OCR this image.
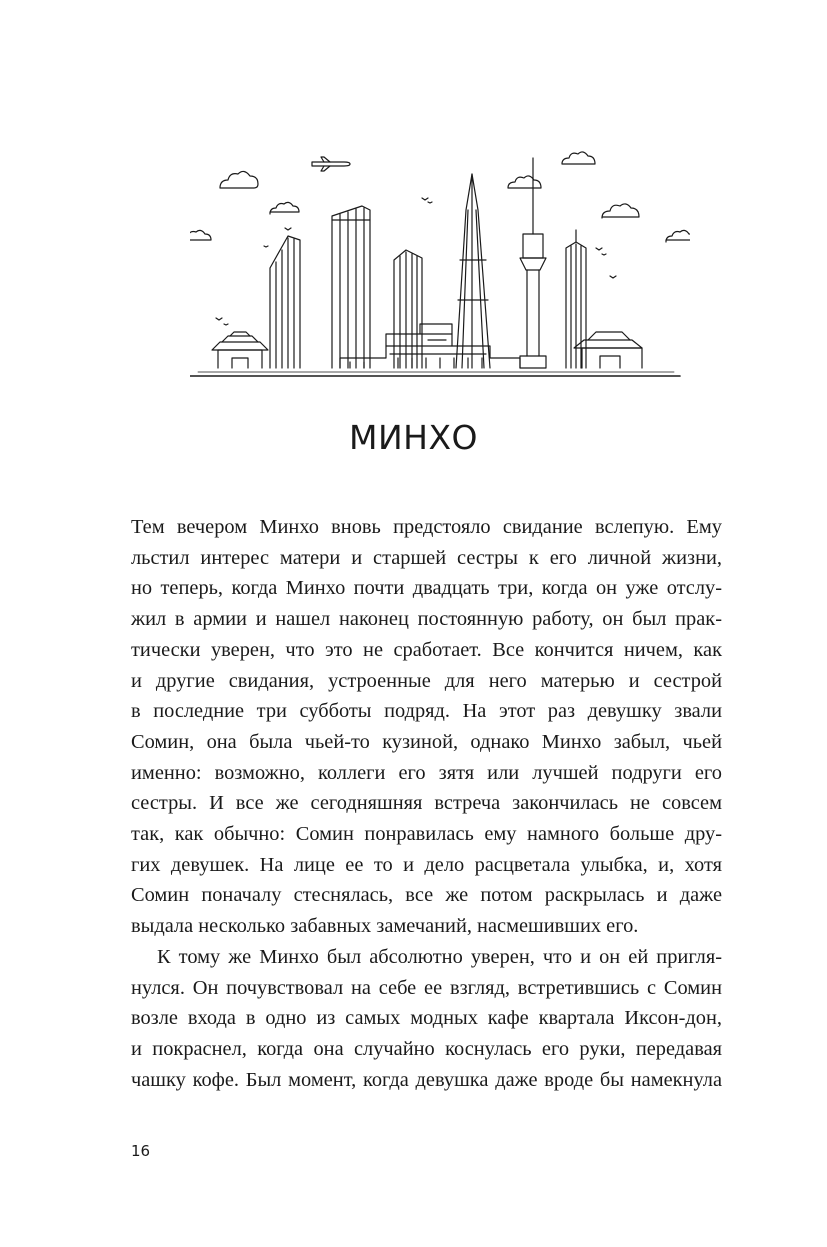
МИНХО

Тем вечером Минхо вновь предстояло свидание вслепую. Ему
льстил интерес матери и старшей сестры к его личной жизни,
но теперь, когда Минхо почти двадцать три, когда он уже отслу-
жил в армии и нашел наконец постоянную работу, он был прак-
тически уверен, что это не сработает. Все кончится ничем, как
и другие свидания, устроенные для него матерью и сестрой
в последние три субботы подряд. На этот раз девушку звали
Сомин, она была чьей-то кузиной, однако Минхо забыл, чьей
именно: возможно, коллеги его зятя или лучшей подруги его
сестры. И все же сегодняшняя встреча закончилась не совсем
так, как обычно: Сомин понравилась ему намного больше дру-
гих девушек. На лице ее то и дело расцветала улыбка, и, хотя
Сомин поначалу стеснялась, все же потом раскрылась и даже
выдала несколько забавных замечаний, насмешивших его.

К тому же Минхо был абсолютно уверен, что и он ей пригля-
нулся. Он почувствовал на себе ее взгляд, встретившись с Сомин
возле входа в одно из самых модных кафе квартала Иксон-дон,
и покраснел, когда она случайно коснулась его руки, передавая
чашку кофе. Был момент, когда девушка даже вроде бы намекнула

16
